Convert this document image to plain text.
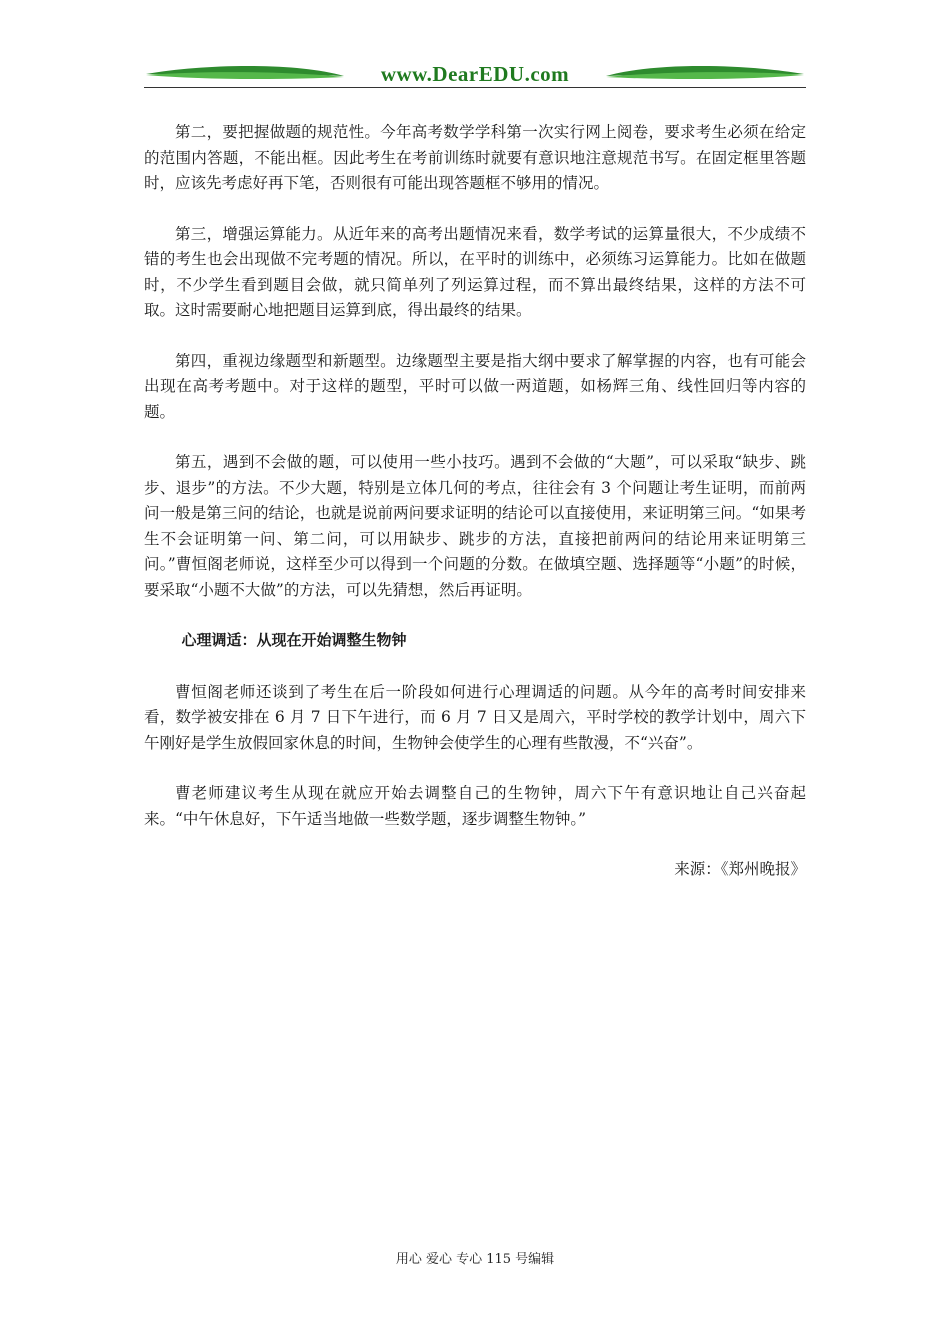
www.DearEDU.com

第二，要把握做题的规范性。今年高考数学学科第一次实行网上阅卷，要求考生必须在给定的范围内答题，不能出框。因此考生在考前训练时就要有意识地注意规范书写。在固定框里答题时，应该先考虑好再下笔，否则很有可能出现答题框不够用的情况。

第三，增强运算能力。从近年来的高考出题情况来看，数学考试的运算量很大，不少成绩不错的考生也会出现做不完考题的情况。所以，在平时的训练中，必须练习运算能力。比如在做题时，不少学生看到题目会做，就只简单列了列运算过程，而不算出最终结果，这样的方法不可取。这时需要耐心地把题目运算到底，得出最终的结果。

第四，重视边缘题型和新题型。边缘题型主要是指大纲中要求了解掌握的内容，也有可能会出现在高考考题中。对于这样的题型，平时可以做一两道题，如杨辉三角、线性回归等内容的题。

第五，遇到不会做的题，可以使用一些小技巧。遇到不会做的“大题”，可以采取“缺步、跳步、退步”的方法。不少大题，特别是立体几何的考点，往往会有 3 个问题让考生证明，而前两问一般是第三问的结论，也就是说前两问要求证明的结论可以直接使用，来证明第三问。“如果考生不会证明第一问、第二问，可以用缺步、跳步的方法，直接把前两问的结论用来证明第三问。”曹恒阁老师说，这样至少可以得到一个问题的分数。在做填空题、选择题等“小题”的时候，要采取“小题不大做”的方法，可以先猜想，然后再证明。

心理调适：从现在开始调整生物钟

曹恒阁老师还谈到了考生在后一阶段如何进行心理调适的问题。从今年的高考时间安排来看，数学被安排在 6 月 7 日下午进行，而 6 月 7 日又是周六，平时学校的教学计划中，周六下午刚好是学生放假回家休息的时间，生物钟会使学生的心理有些散漫，不“兴奋”。

曹老师建议考生从现在就应开始去调整自己的生物钟，周六下午有意识地让自己兴奋起来。“中午休息好，下午适当地做一些数学题，逐步调整生物钟。”

来源：《郑州晚报》

用心 爱心 专心 115 号编辑
